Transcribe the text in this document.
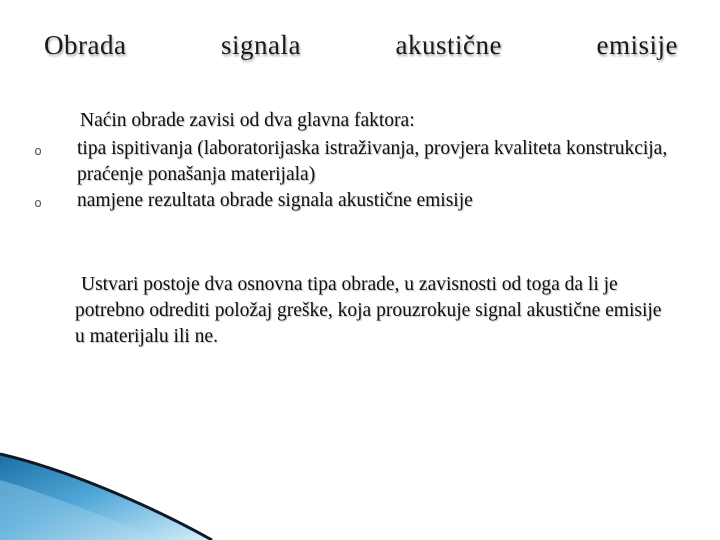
Obrada	signala	akustične	emisije
Naćin obrade zavisi od dva glavna faktora:
o tipa ispitivanja (laboratorijaska istraživanja, provjera kvaliteta konstrukcija, praćenje ponašanja materijala)
o namjene rezultata obrade signala akustične emisije
Ustvari postoje dva osnovna tipa obrade, u zavisnosti od toga da li je potrebno odrediti položaj greške, koja prouzrokuje signal akustične emisije u materijalu ili ne.
